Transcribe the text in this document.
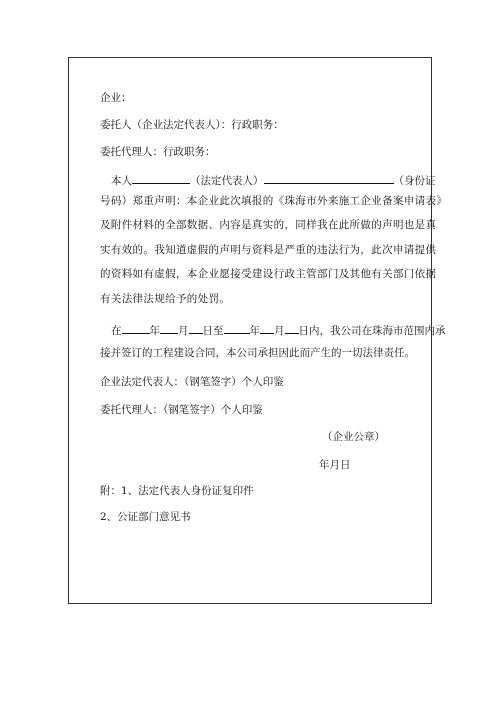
企业：
委托人（企业法定代表人）：行政职务：
委托代理人：行政职务：
本人	（法定代表人）	（身份证
号码）郑重声明：本企业此次填报的《珠海市外来施工企业备案申请表》
及附件材料的全部数据、内容是真实的，同样我在此所做的声明也是真
实有效的。我知道虚假的声明与资料是严重的违法行为，此次申请提供
的资料如有虚假，本企业愿接受建设行政主管部门及其他有关部门依据
有关法律法规给予的处罚。
在	年 月 日至 年 月 日内，我公司在珠海市范围内承
接并签订的工程建设合同，本公司承担因此而产生的一切法律责任。
企业法定代表人：（钢笔签字）个人印鉴
委托代理人：（钢笔签字）个人印鉴
（企业公章）
年月日
附：1、法定代表人身份证复印件
2、公证部门意见书
